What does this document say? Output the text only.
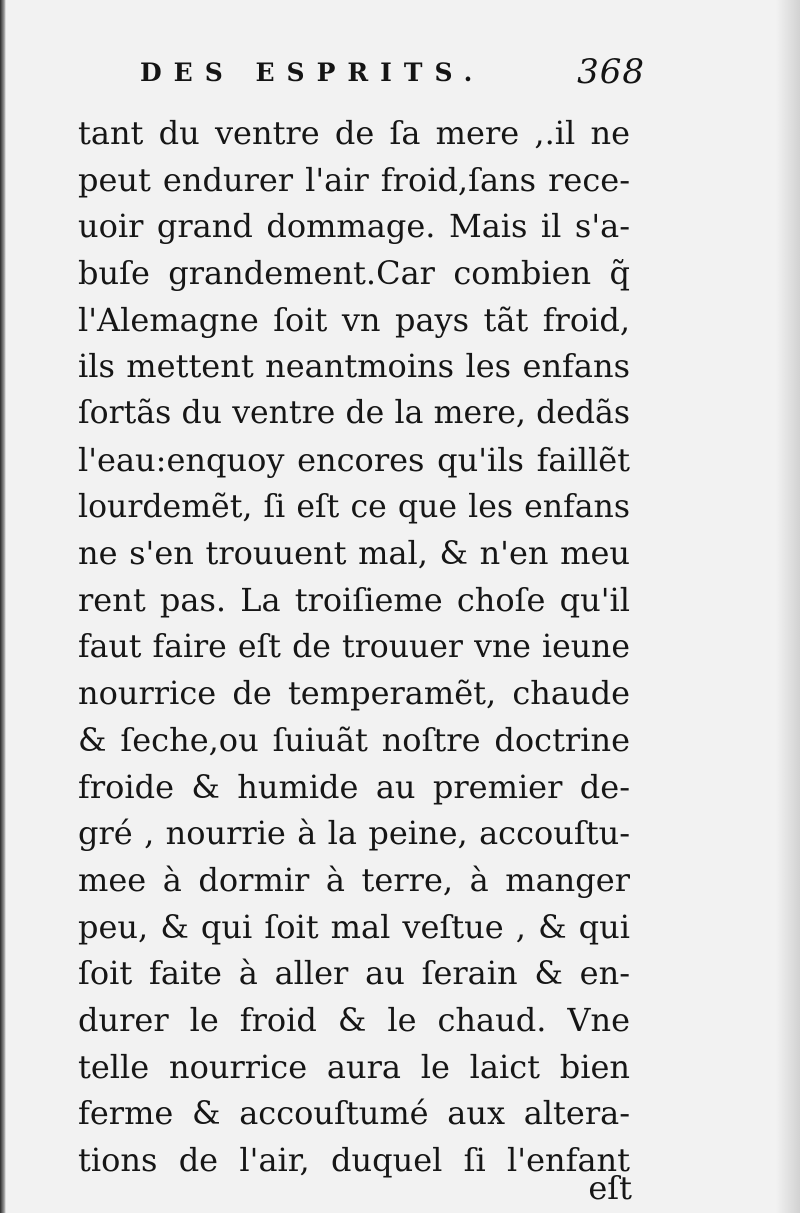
DES ESPRITS.	368
tant du ventre de ſa mere ,.il ne
peut endurer l'air froid,ſans rece-
uoir grand dommage. Mais il s'a-
buſe grandement.Car combien q̃
l'Alemagne ſoit vn pays tãt froid,
ils mettent neantmoins les enfans
ſortãs du ventre de la mere, dedãs
l'eau:enquoy encores qu'ils faillẽt
lourdemẽt, ſi eſt ce que les enfans
ne s'en trouuent mal, & n'en meu
rent pas. La troiſieme choſe qu'il
faut faire eſt de trouuer vne ieune
nourrice de temperamẽt, chaude
& ſeche,ou ſuiuãt noſtre doctrine
froide & humide au premier de-
gré , nourrie à la peine, accouſtu-
mee à dormir à terre, à manger
peu, & qui ſoit mal veſtue , & qui
ſoit faite à aller au ſerain & en-
durer le froid & le chaud. Vne
telle nourrice aura le laict bien
ferme & accouſtumé aux altera-
tions de l'air, duquel ſi l'enfant
eſt
